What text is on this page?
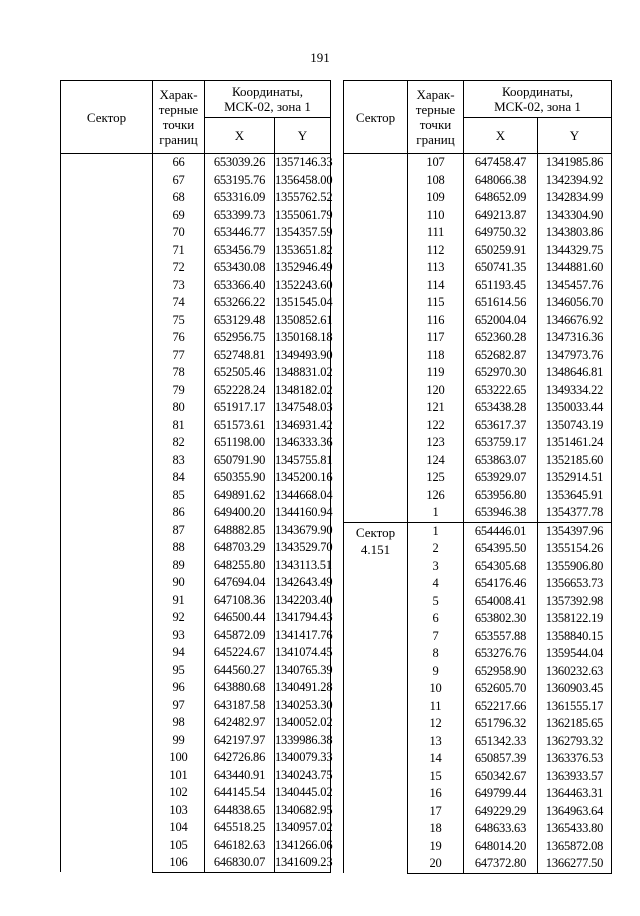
191
Сектор	Харак-
терные
точки
границ	Координаты,
МСК-02, зона 1	
		X	Y
	66	653039.26	1357146.33
	67	653195.76	1356458.00
	68	653316.09	1355762.52
	69	653399.73	1355061.79
	70	653446.77	1354357.59
	71	653456.79	1353651.82
	72	653430.08	1352946.49
	73	653366.40	1352243.60
	74	653266.22	1351545.04
	75	653129.48	1350852.61
	76	652956.75	1350168.18
	77	652748.81	1349493.90
	78	652505.46	1348831.02
	79	652228.24	1348182.02
	80	651917.17	1347548.03
	81	651573.61	1346931.42
	82	651198.00	1346333.36
	83	650791.90	1345755.81
	84	650355.90	1345200.16
	85	649891.62	1344668.04
	86	649400.20	1344160.94
	87	648882.85	1343679.90
	88	648703.29	1343529.70
	89	648255.80	1343113.51
	90	647694.04	1342643.49
	91	647108.36	1342203.40
	92	646500.44	1341794.43
	93	645872.09	1341417.76
	94	645224.67	1341074.45
	95	644560.27	1340765.39
	96	643880.68	1340491.28
	97	643187.58	1340253.30
	98	642482.97	1340052.02
	99	642197.97	1339986.38
	100	642726.86	1340079.33
	101	643440.91	1340243.75
	102	644145.54	1340445.02
	103	644838.65	1340682.95
	104	645518.25	1340957.02
	105	646182.63	1341266.06
	106	646830.07	1341609.23
Сектор	Харак-
терные
точки
границ	Координаты,
МСК-02, зона 1	
		X	Y
	107	647458.47	1341985.86
	108	648066.38	1342394.92
	109	648652.09	1342834.99
	110	649213.87	1343304.90
	111	649750.32	1343803.86
	112	650259.91	1344329.75
	113	650741.35	1344881.60
	114	651193.45	1345457.76
	115	651614.56	1346056.70
	116	652004.04	1346676.92
	117	652360.28	1347316.36
	118	652682.87	1347973.76
	119	652970.30	1348646.81
	120	653222.65	1349334.22
	121	653438.28	1350033.44
	122	653617.37	1350743.19
	123	653759.17	1351461.24
	124	653863.07	1352185.60
	125	653929.07	1352914.51
	126	653956.80	1353645.91
	1	653946.38	1354377.78
Сектор
4.151	1	654446.01	1354397.96
	2	654395.50	1355154.26
	3	654305.68	1355906.80
	4	654176.46	1356653.73
	5	654008.41	1357392.98
	6	653802.30	1358122.19
	7	653557.88	1358840.15
	8	653276.76	1359544.04
	9	652958.90	1360232.63
	10	652605.70	1360903.45
	11	652217.66	1361555.17
	12	651796.32	1362185.65
	13	651342.33	1362793.32
	14	650857.39	1363376.53
	15	650342.67	1363933.57
	16	649799.44	1364463.31
	17	649229.29	1364963.64
	18	648633.63	1365433.80
	19	648014.20	1365872.08
	20	647372.80	1366277.50
